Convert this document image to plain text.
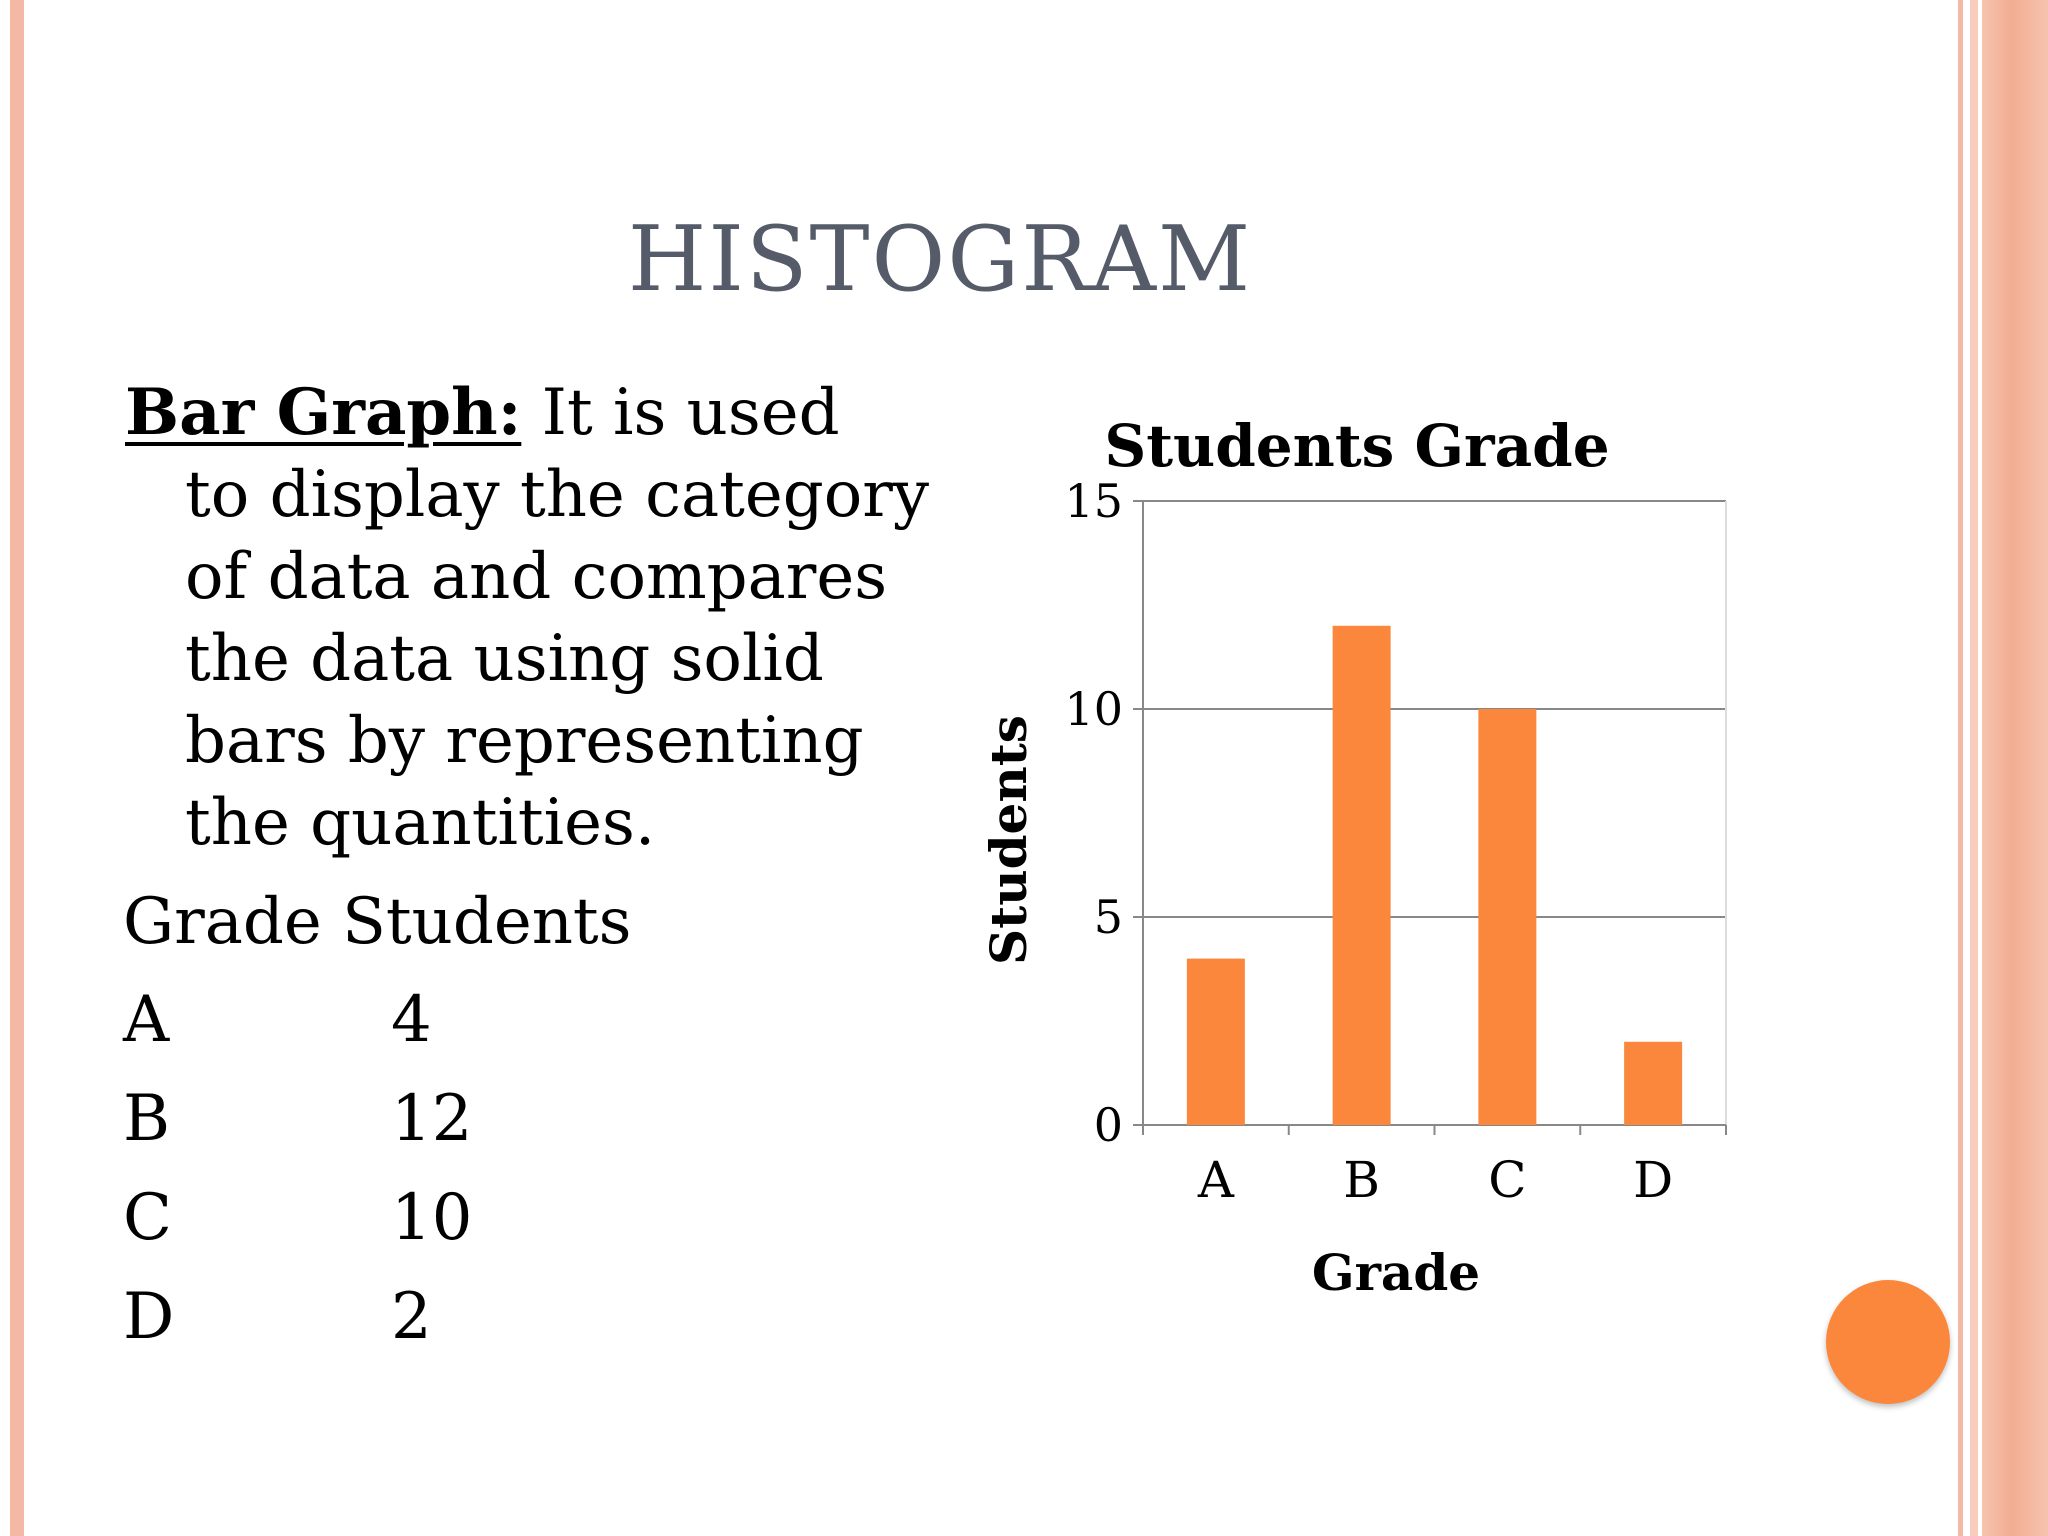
HISTOGRAM
Bar Graph: It is used
to display the category
of data and compares
the data using solid
bars by representing
the quantities.
Grade Students
A	4
B	12
C	10
D	2
0
5
10
15
A B C D
Students Grade
Grade
Students
